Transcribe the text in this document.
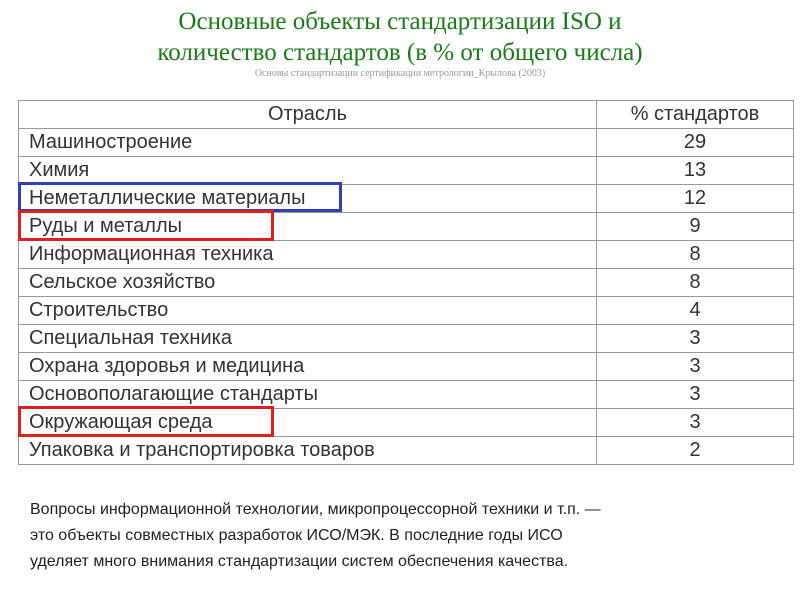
Основные объекты стандартизации ISO и
количество стандартов (в % от общего числа)
Основы стандартизации сертификации метрологии_Крылова (2003)
Отрасль	% стандартов
Машиностроение	29
Химия	13
Неметаллические материалы	12
Руды и металлы	9
Информационная техника	8
Сельское хозяйство	8
Строительство	4
Специальная техника	3
Охрана здоровья и медицина	3
Основополагающие стандарты	3
Окружающая среда	3
Упаковка и транспортировка товаров	2
Вопросы информационной технологии, микропроцессорной техники и т.п. —
это объекты совместных разработок ИСО/МЭК. В последние годы ИСО
уделяет много внимания стандартизации систем обеспечения качества.
